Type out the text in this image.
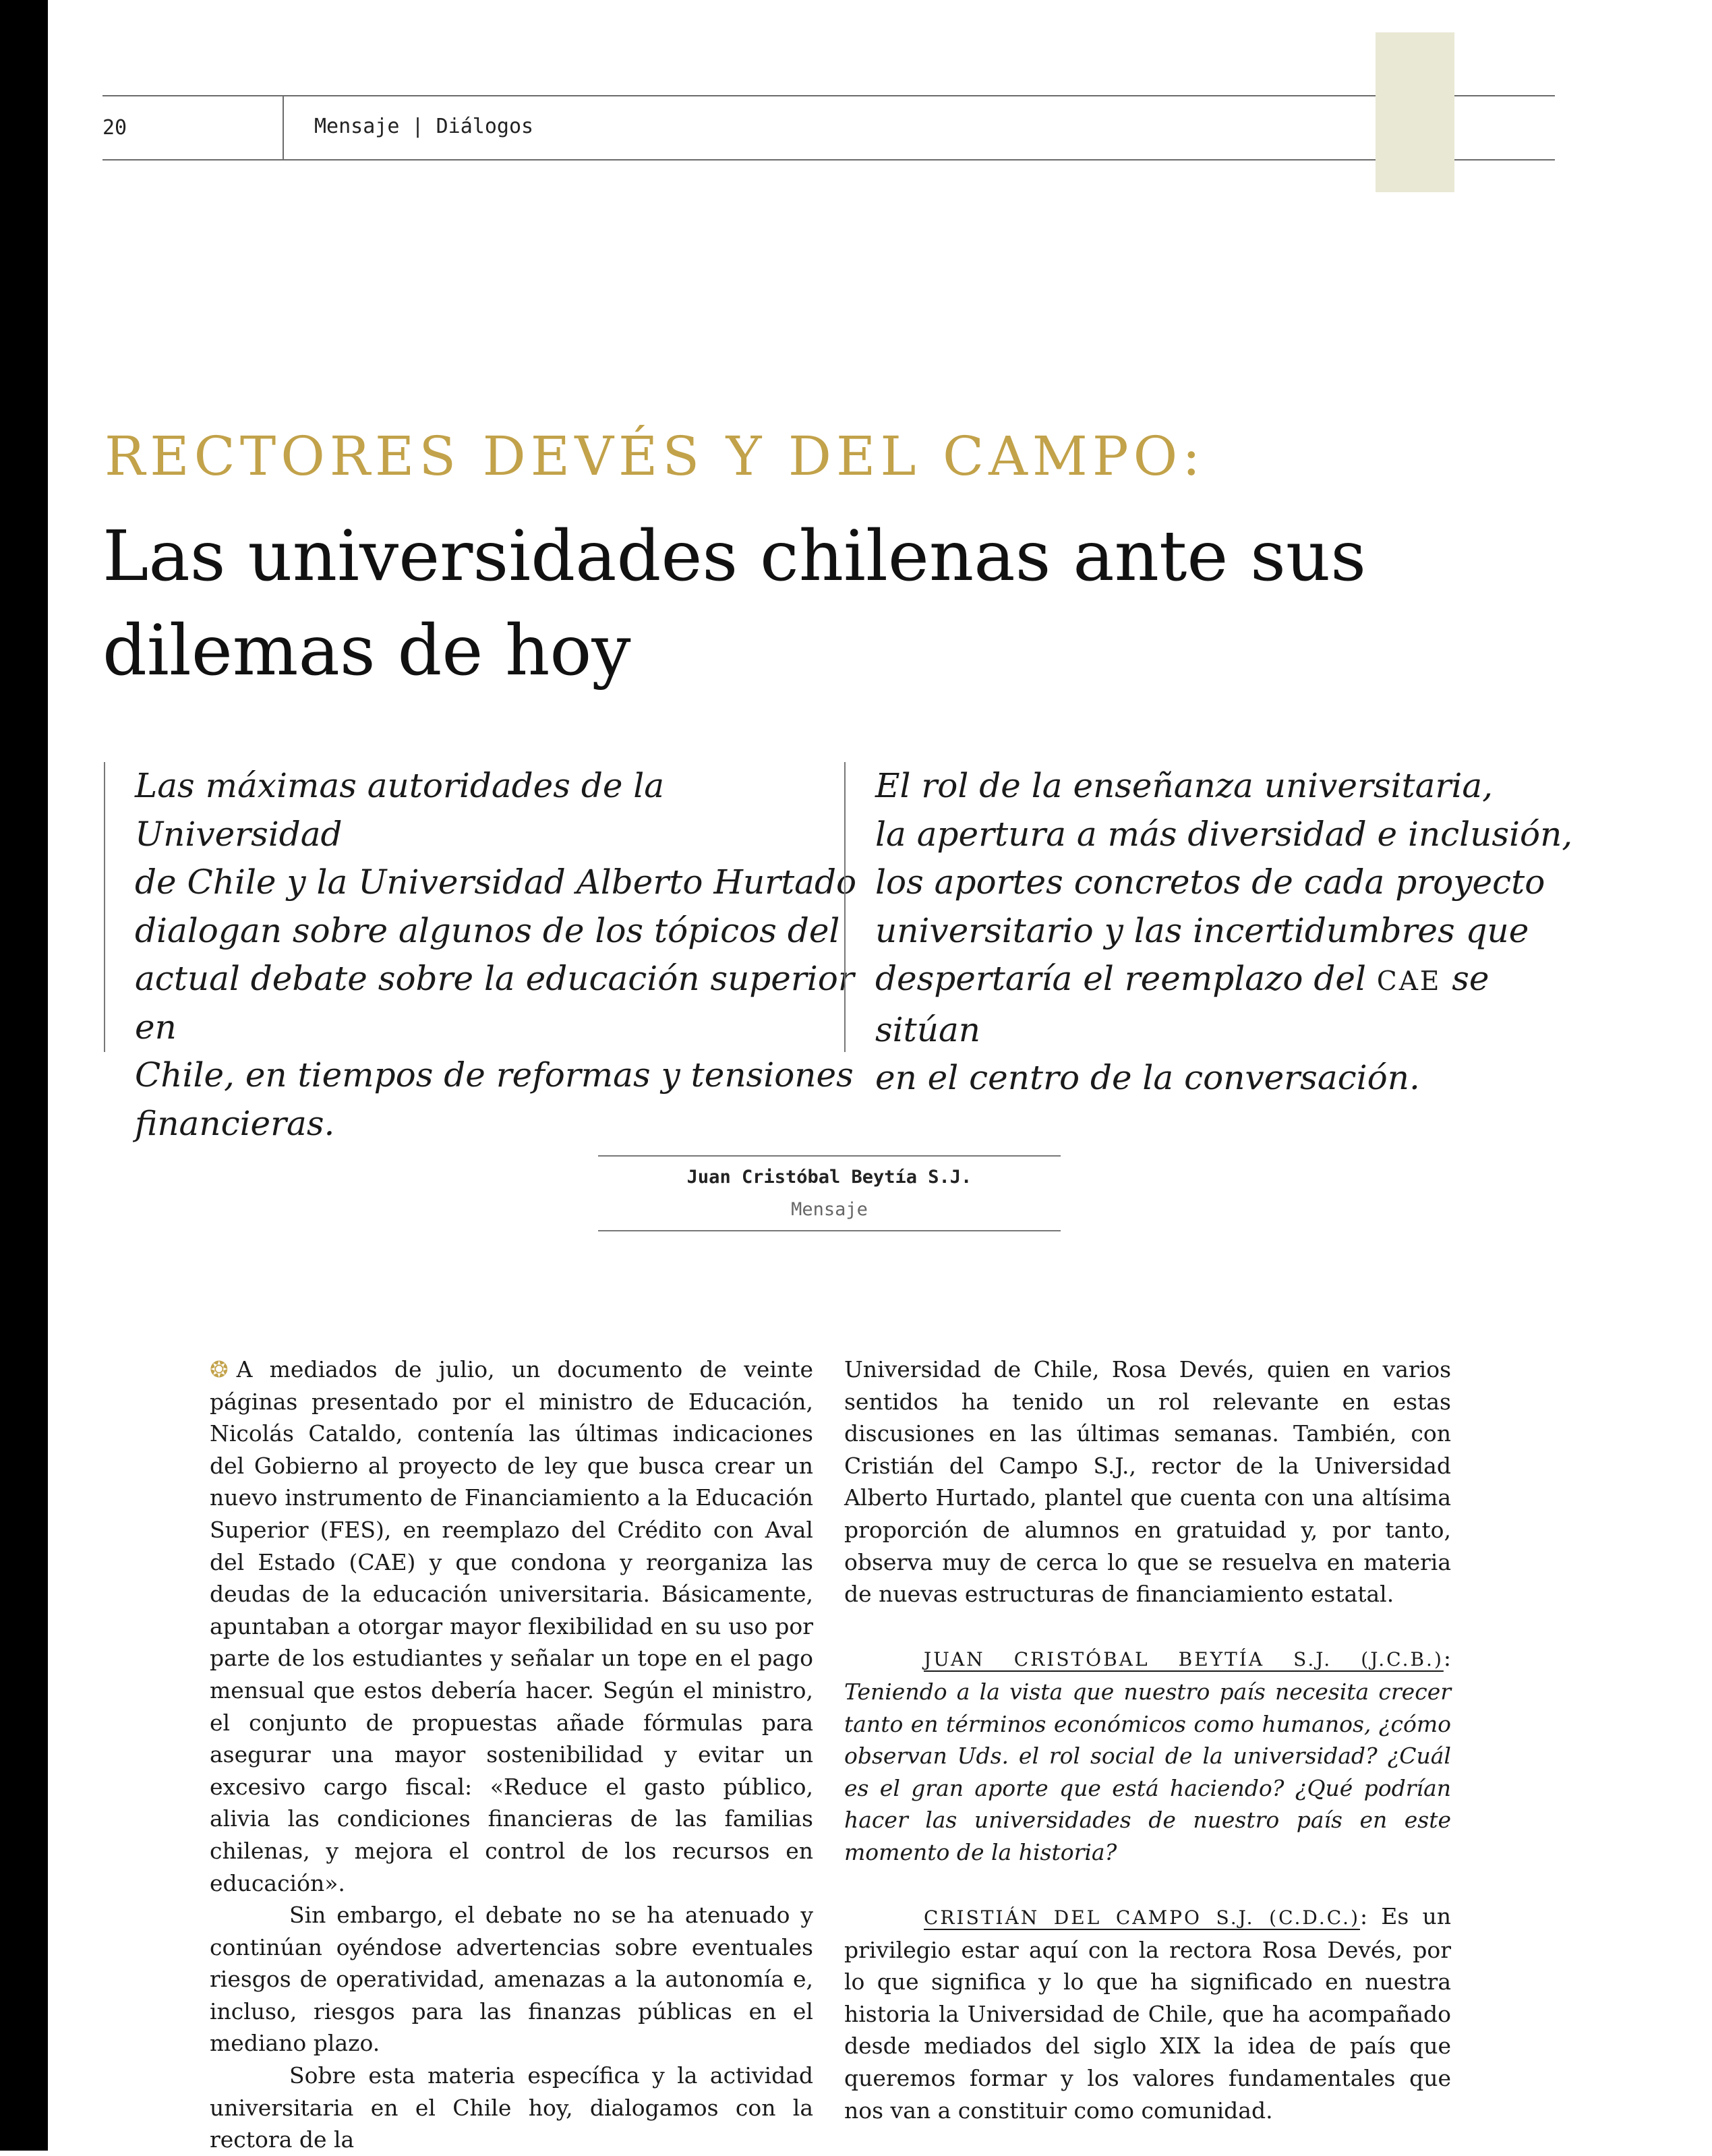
20	Mensaje | Diálogos
RECTORES DEVÉS Y DEL CAMPO:
Las universidades chilenas ante sus dilemas de hoy
Las máximas autoridades de la Universidad
de Chile y la Universidad Alberto Hurtado
dialogan sobre algunos de los tópicos del
actual debate sobre la educación superior en
Chile, en tiempos de reformas y tensiones
financieras.
El rol de la enseñanza universitaria,
la apertura a más diversidad e inclusión,
los aportes concretos de cada proyecto
universitario y las incertidumbres que
despertaría el reemplazo del CAE se sitúan
en el centro de la conversación.
Juan Cristóbal Beytía S.J.
Mensaje

❂ A mediados de julio, un documento de veinte páginas presentado por el ministro de Educación, Nicolás Cataldo, contenía las últimas indicaciones del Gobierno al proyecto de ley que busca crear un nuevo instrumento de Financiamiento a la Educación Superior (FES), en reemplazo del Crédito con Aval del Estado (CAE) y que condona y reorganiza las deudas de la educación universitaria. Básicamente, apuntaban a otorgar mayor flexibilidad en su uso por parte de los estudiantes y señalar un tope en el pago mensual que estos debería hacer. Según el ministro, el conjunto de propuestas añade fórmulas para asegurar una mayor sostenibilidad y evitar un excesivo cargo fiscal: «Reduce el gasto público, alivia las condiciones financieras de las familias chilenas, y mejora el control de los recursos en educación».

Sin embargo, el debate no se ha atenuado y continúan oyéndose advertencias sobre eventuales riesgos de operatividad, amenazas a la autonomía e, incluso, riesgos para las finanzas públicas en el mediano plazo.

Sobre esta materia específica y la actividad universitaria en el Chile hoy, dialogamos con la rectora de la

Universidad de Chile, Rosa Devés, quien en varios sentidos ha tenido un rol relevante en estas discusiones en las últimas semanas. También, con Cristián del Campo S.J., rector de la Universidad Alberto Hurtado, plantel que cuenta con una altísima proporción de alumnos en gratuidad y, por tanto, observa muy de cerca lo que se resuelva en materia de nuevas estructuras de financiamiento estatal.

JUAN CRISTÓBAL BEYTÍA S.J. (J.C.B.): Teniendo a la vista que nuestro país necesita crecer tanto en términos económicos como humanos, ¿cómo observan Uds. el rol social de la universidad? ¿Cuál es el gran aporte que está haciendo? ¿Qué podrían hacer las universidades de nuestro país en este momento de la historia?

CRISTIÁN DEL CAMPO S.J. (C.D.C.): Es un privilegio estar aquí con la rectora Rosa Devés, por lo que significa y lo que ha significado en nuestra historia la Universidad de Chile, que ha acompañado desde mediados del siglo XIX la idea de país que queremos formar y los valores fundamentales que nos van a constituir como comunidad.
